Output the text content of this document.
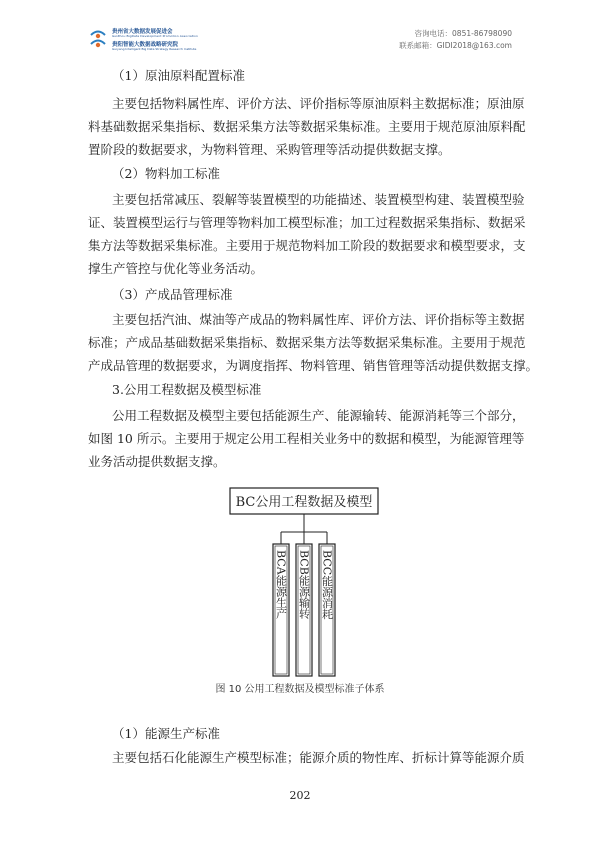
贵州省大数据发展促进会
GuiZhou BigData Development Promotion Association
贵阳智能大数据战略研究院
Guiyang Intelligent Big Data Strategy Research Institute
咨询电话：0851-86798090
联系邮箱：GIDI2018@163.com
（1）原油原料配置标准
主要包括物料属性库、评价方法、评价指标等原油原料主数据标准；原油原
料基础数据采集指标、数据采集方法等数据采集标准。主要用于规范原油原料配
置阶段的数据要求，为物料管理、采购管理等活动提供数据支撑。
（2）物料加工标准
主要包括常减压、裂解等装置模型的功能描述、装置模型构建、装置模型验
证、装置模型运行与管理等物料加工模型标准；加工过程数据采集指标、数据采
集方法等数据采集标准。主要用于规范物料加工阶段的数据要求和模型要求，支
撑生产管控与优化等业务活动。
（3）产成品管理标准
主要包括汽油、煤油等产成品的物料属性库、评价方法、评价指标等主数据
标准；产成品基础数据采集指标、数据采集方法等数据采集标准。主要用于规范
产成品管理的数据要求，为调度指挥、物料管理、销售管理等活动提供数据支撑。
3.公用工程数据及模型标准
公用工程数据及模型主要包括能源生产、能源输转、能源消耗等三个部分，
如图 10 所示。主要用于规定公用工程相关业务中的数据和模型，为能源管理等
业务活动提供数据支撑。
BC公用工程数据及模型
BCA能源生产 BCB能源输转 BCC能源消耗
图 10 公用工程数据及模型标准子体系
（1）能源生产标准
主要包括石化能源生产模型标准；能源介质的物性库、折标计算等能源介质
202
